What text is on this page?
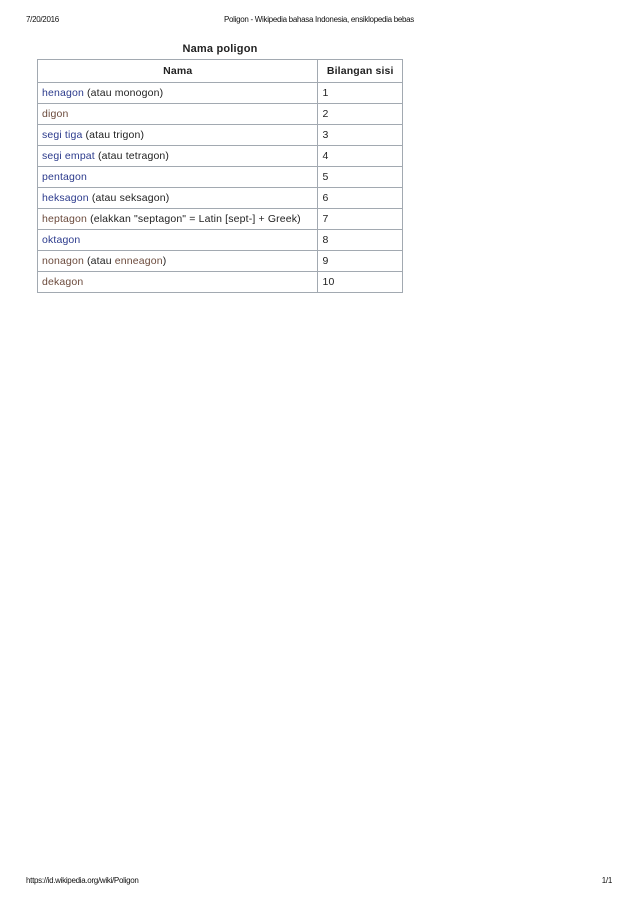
7/20/2016	Poligon - Wikipedia bahasa Indonesia, ensiklopedia bebas
Nama poligon
Nama	Bilangan sisi
henagon (atau monogon)	1
digon	2
segi tiga (atau trigon)	3
segi empat (atau tetragon)	4
pentagon	5
heksagon (atau seksagon)	6
heptagon (elakkan "septagon" = Latin [sept-] + Greek)	7
oktagon	8
nonagon (atau enneagon)	9
dekagon	10
https://id.wikipedia.org/wiki/Poligon	1/1
